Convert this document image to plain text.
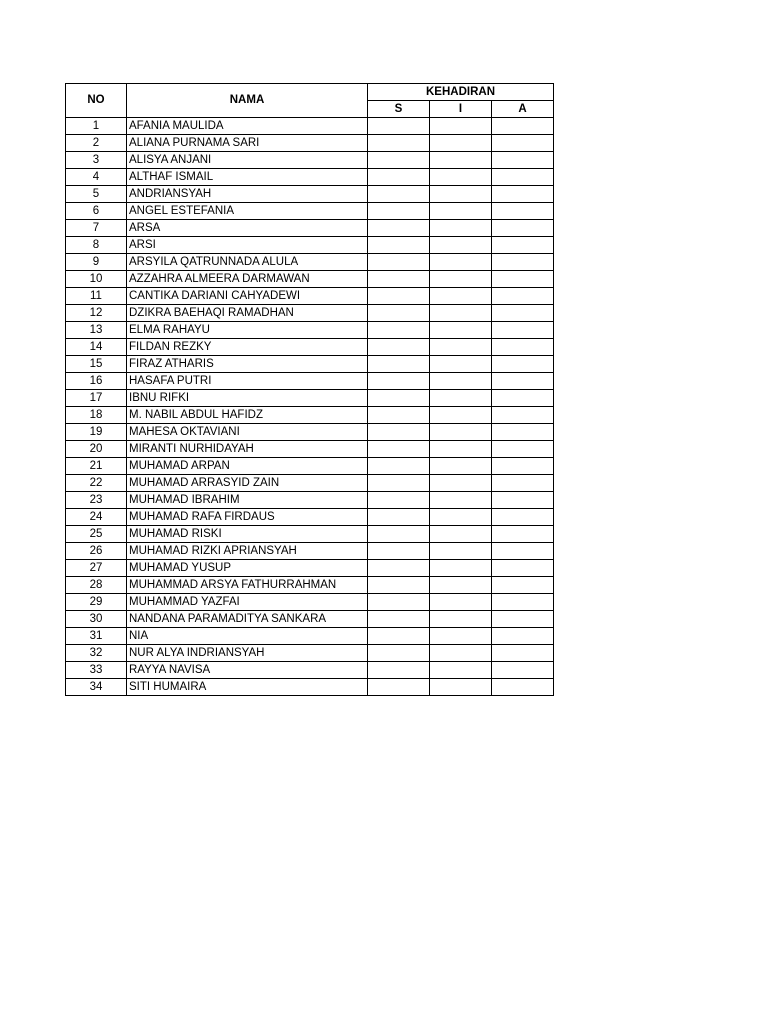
NO	NAMA	KEHADIRAN		
		S	I	A
1	AFANIA MAULIDA			
2	ALIANA PURNAMA SARI			
3	ALISYA ANJANI			
4	ALTHAF ISMAIL			
5	ANDRIANSYAH			
6	ANGEL ESTEFANIA			
7	ARSA			
8	ARSI			
9	ARSYILA QATRUNNADA ALULA			
10	AZZAHRA ALMEERA DARMAWAN			
11	CANTIKA DARIANI CAHYADEWI			
12	DZIKRA BAEHAQI RAMADHAN			
13	ELMA RAHAYU			
14	FILDAN REZKY			
15	FIRAZ ATHARIS			
16	HASAFA PUTRI			
17	IBNU RIFKI			
18	M. NABIL ABDUL HAFIDZ			
19	MAHESA OKTAVIANI			
20	MIRANTI NURHIDAYAH			
21	MUHAMAD ARPAN			
22	MUHAMAD ARRASYID ZAIN			
23	MUHAMAD IBRAHIM			
24	MUHAMAD RAFA FIRDAUS			
25	MUHAMAD RISKI			
26	MUHAMAD RIZKI APRIANSYAH			
27	MUHAMAD YUSUP			
28	MUHAMMAD ARSYA FATHURRAHMAN			
29	MUHAMMAD YAZFAI			
30	NANDANA PARAMADITYA SANKARA			
31	NIA			
32	NUR ALYA INDRIANSYAH			
33	RAYYA NAVISA			
34	SITI HUMAIRA			
